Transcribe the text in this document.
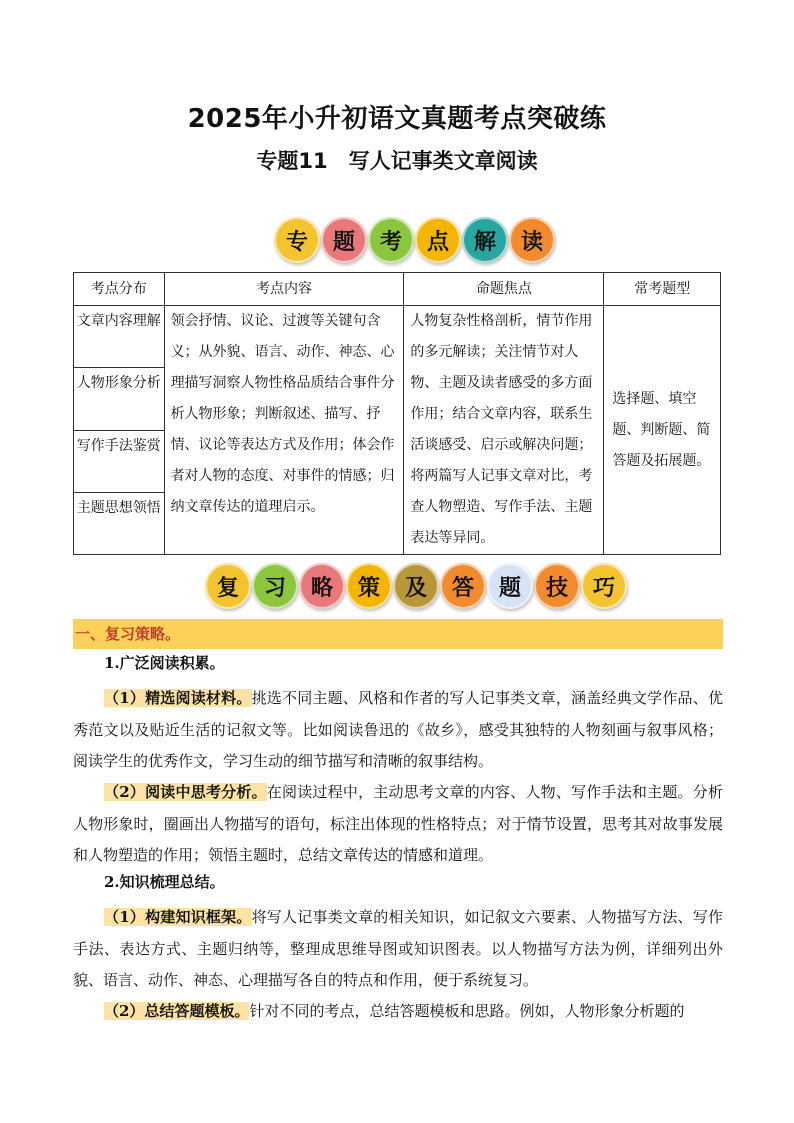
2025年小升初语文真题考点突破练
专题11　写人记事类文章阅读
专	题	考	点	解	读
考点分布	考点内容	命题焦点	常考题型
文章内容理解	领会抒情、议论、过渡等关键句含义；从外貌、语言、动作、神态、心理描写洞察人物性格品质结合事件分析人物形象；判断叙述、描写、抒情、议论等表达方式及作用；体会作者对人物的态度、对事件的情感；归纳文章传达的道理启示。	人物复杂性格剖析，情节作用的多元解读；关注情节对人物、主题及读者感受的多方面作用；结合文章内容，联系生活谈感受、启示或解决问题；将两篇写人记事文章对比，考查人物塑造、写作手法、主题表达等异同。	选择题、填空题、判断题、简答题及拓展题。
人物形象分析			
写作手法鉴赏			
主题思想领悟			
复	习	略	策	及	答	题	技	巧
一、复习策略。
1.广泛阅读积累。
（1）精选阅读材料。挑选不同主题、风格和作者的写人记事类文章，涵盖经典文学作品、优秀范文以及贴近生活的记叙文等。比如阅读鲁迅的《故乡》，感受其独特的人物刻画与叙事风格；阅读学生的优秀作文，学习生动的细节描写和清晰的叙事结构。
（2）阅读中思考分析。在阅读过程中，主动思考文章的内容、人物、写作手法和主题。分析人物形象时，圈画出人物描写的语句，标注出体现的性格特点；对于情节设置，思考其对故事发展和人物塑造的作用；领悟主题时，总结文章传达的情感和道理。
2.知识梳理总结。
（1）构建知识框架。将写人记事类文章的相关知识，如记叙文六要素、人物描写方法、写作手法、表达方式、主题归纳等，整理成思维导图或知识图表。以人物描写方法为例，详细列出外貌、语言、动作、神态、心理描写各自的特点和作用，便于系统复习。
（2）总结答题模板。针对不同的考点，总结答题模板和思路。例如，人物形象分析题的
